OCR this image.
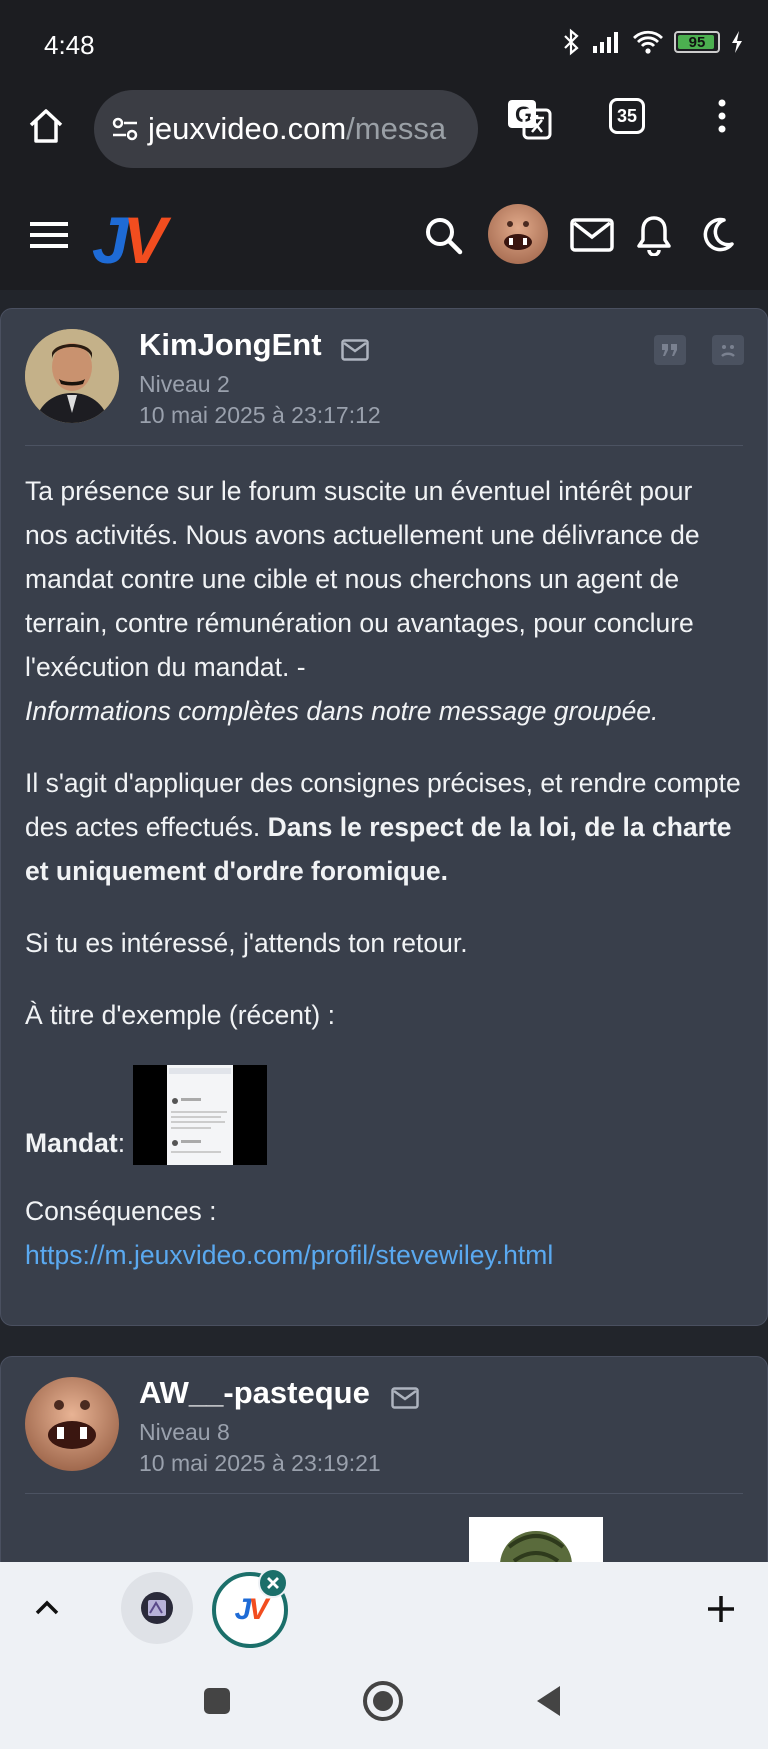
4:48	95
jeuxvideo.com/messa	G	35
JV
KimJongEnt
Niveau 2
10 mai 2025 à 23:17:12

Ta présence sur le forum suscite un éventuel intérêt pour nos activités. Nous avons actuellement une délivrance de mandat contre une cible et nous cherchons un agent de terrain, contre rémunération ou avantages, pour conclure l'exécution du mandat. -
Informations complètes dans notre message groupée.

Il s'agit d'appliquer des consignes précises, et rendre compte des actes effectués. Dans le respect de la loi, de la charte et uniquement d'ordre foromique.

Si tu es intéressé, j'attends ton retour.

À titre d'exemple (récent) :

Mandat :

Conséquences :
https://m.jeuxvideo.com/profil/stevewiley.html

AW__-pasteque
Niveau 8
10 mai 2025 à 23:19:21
JV
